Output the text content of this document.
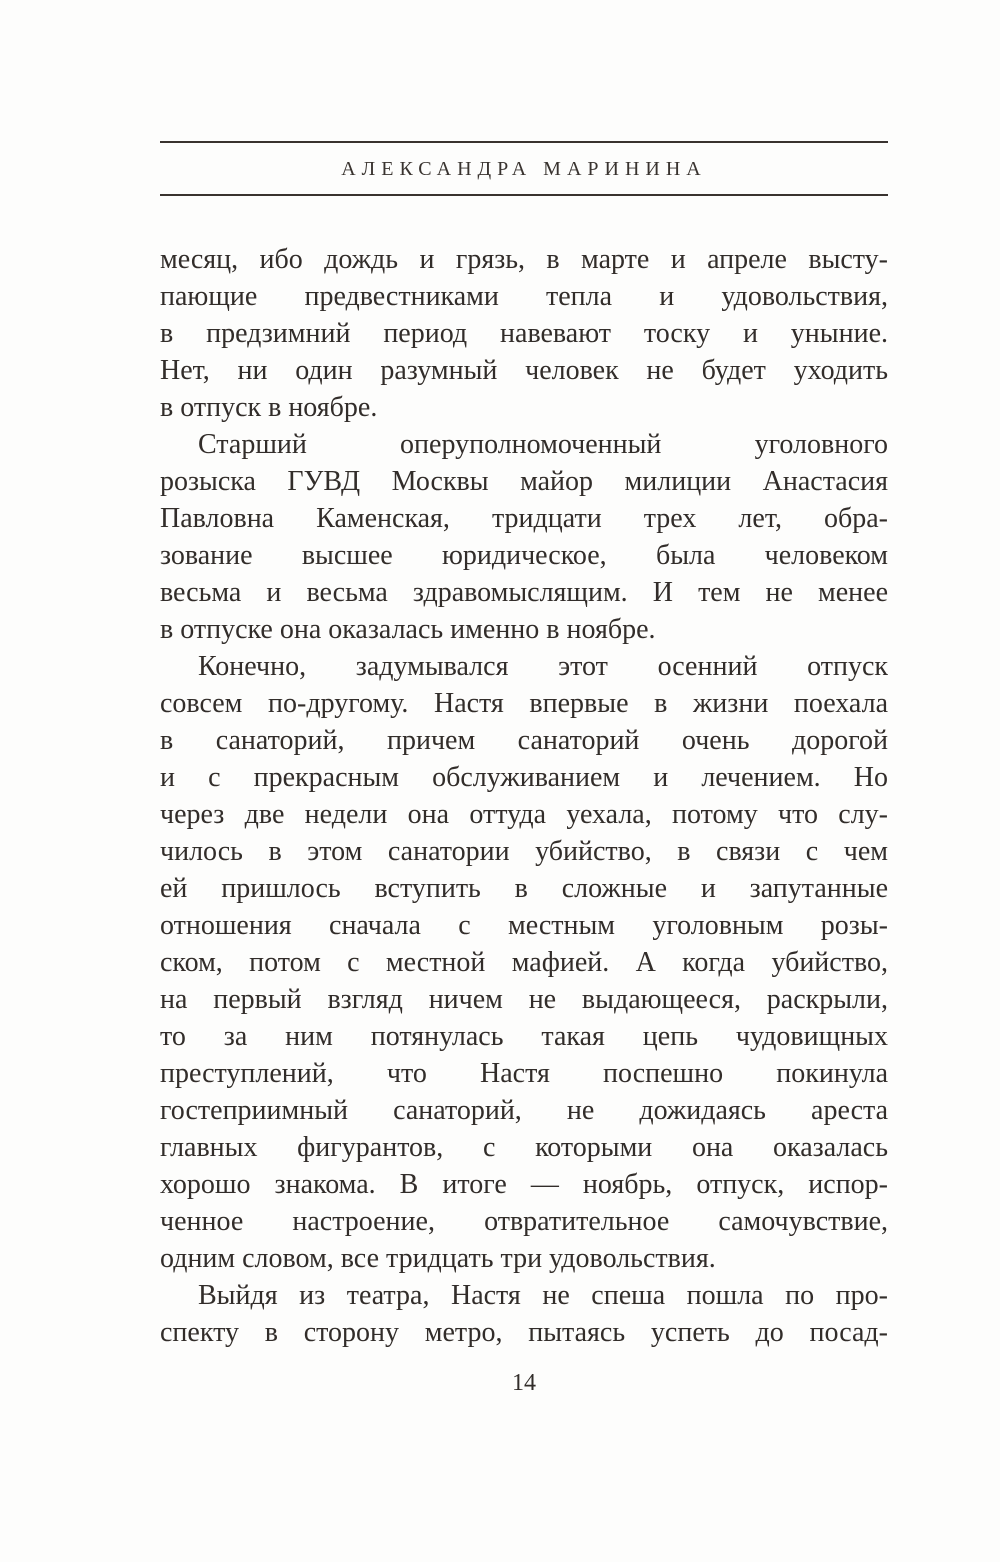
АЛЕКСАНДРА МАРИНИНА
месяц, ибо дождь и грязь, в марте и апреле высту-
пающие предвестниками тепла и удовольствия,
в предзимний период навевают тоску и уныние.
Нет, ни один разумный человек не будет уходить
в отпуск в ноябре.
Старший оперуполномоченный уголовного
розыска ГУВД Москвы майор милиции Анастасия
Павловна Каменская, тридцати трех лет, обра-
зование высшее юридическое, была человеком
весьма и весьма здравомыслящим. И тем не менее
в отпуске она оказалась именно в ноябре.
Конечно, задумывался этот осенний отпуск
совсем по-другому. Настя впервые в жизни поехала
в санаторий, причем санаторий очень дорогой
и с прекрасным обслуживанием и лечением. Но
через две недели она оттуда уехала, потому что слу-
чилось в этом санатории убийство, в связи с чем
ей пришлось вступить в сложные и запутанные
отношения сначала с местным уголовным розы-
ском, потом с местной мафией. А когда убийство,
на первый взгляд ничем не выдающееся, раскрыли,
то за ним потянулась такая цепь чудовищных
преступлений, что Настя поспешно покинула
гостеприимный санаторий, не дожидаясь ареста
главных фигурантов, с которыми она оказалась
хорошо знакома. В итоге — ноябрь, отпуск, испор-
ченное настроение, отвратительное самочувствие,
одним словом, все тридцать три удовольствия.
Выйдя из театра, Настя не спеша пошла по про-
спекту в сторону метро, пытаясь успеть до посад-
14
